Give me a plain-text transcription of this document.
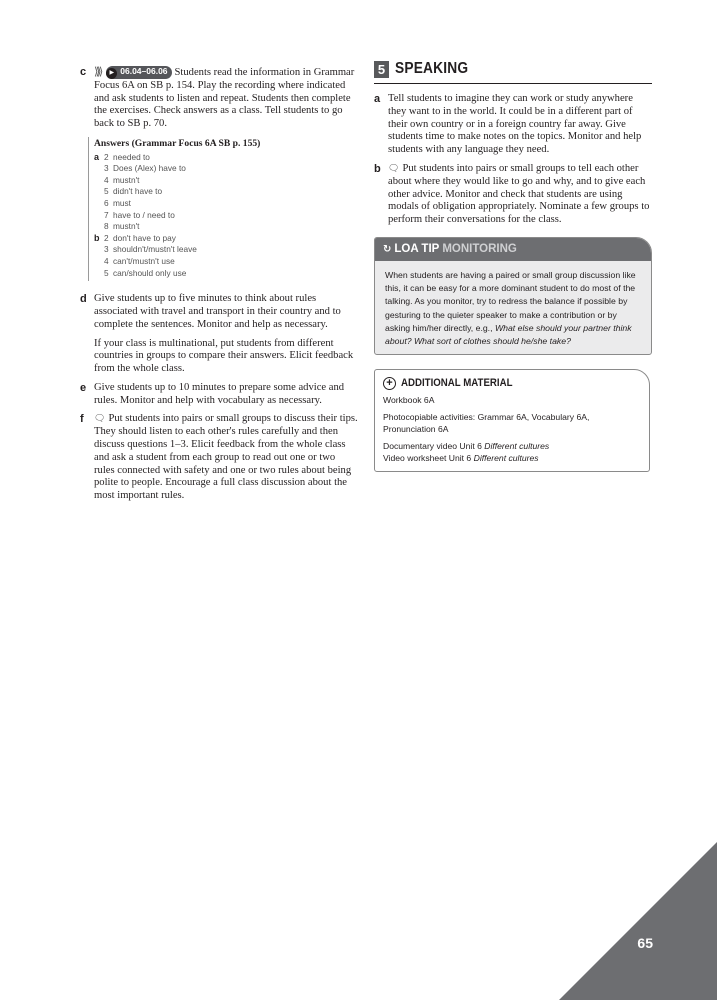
c ⟫⟫ ▶ 06.04–06.06 Students read the information in Grammar Focus 6A on SB p. 154. Play the recording where indicated and ask students to listen and repeat. Students then complete the exercises. Check answers as a class. Tell students to go back to SB p. 70.

Answers (Grammar Focus 6A SB p. 155)
a 2 needed to
3 Does (Alex) have to
4 mustn't
5 didn't have to
6 must
7 have to / need to
8 mustn't
b 2 don't have to pay
3 shouldn't/mustn't leave
4 can't/mustn't use
5 can/should only use
d Give students up to five minutes to think about rules associated with travel and transport in their country and to complete the sentences. Monitor and help as necessary.

If your class is multinational, put students from different countries in groups to compare their answers. Elicit feedback from the whole class.

e Give students up to 10 minutes to prepare some advice and rules. Monitor and help with vocabulary as necessary.

f 🗨 Put students into pairs or small groups to discuss their tips. They should listen to each other's rules carefully and then discuss questions 1–3. Elicit feedback from the whole class and ask a student from each group to read out one or two rules connected with safety and one or two rules about being polite to people. Encourage a full class discussion about the most important rules.

5 SPEAKING
a Tell students to imagine they can work or study anywhere they want to in the world. It could be in a different part of their own country or in a foreign country far away. Give students time to make notes on the topics. Monitor and help students with any language they need.

b 🗨 Put students into pairs or small groups to tell each other about where they would like to go and why, and to give each other advice. Monitor and check that students are using modals of obligation appropriately. Nominate a few groups to perform their conversations for the class.

↻ LOA TIP MONITORING
When students are having a paired or small group discussion like this, it can be easy for a more dominant student to do most of the talking. As you monitor, try to redress the balance if possible by gesturing to the quieter speaker to make a contribution or by asking him/her directly, e.g., What else should your partner think about? What sort of clothes should he/she take?
+ ADDITIONAL MATERIAL
Workbook 6A
Photocopiable activities: Grammar 6A, Vocabulary 6A, Pronunciation 6A
Documentary video Unit 6 Different cultures
Video worksheet Unit 6 Different cultures
65
